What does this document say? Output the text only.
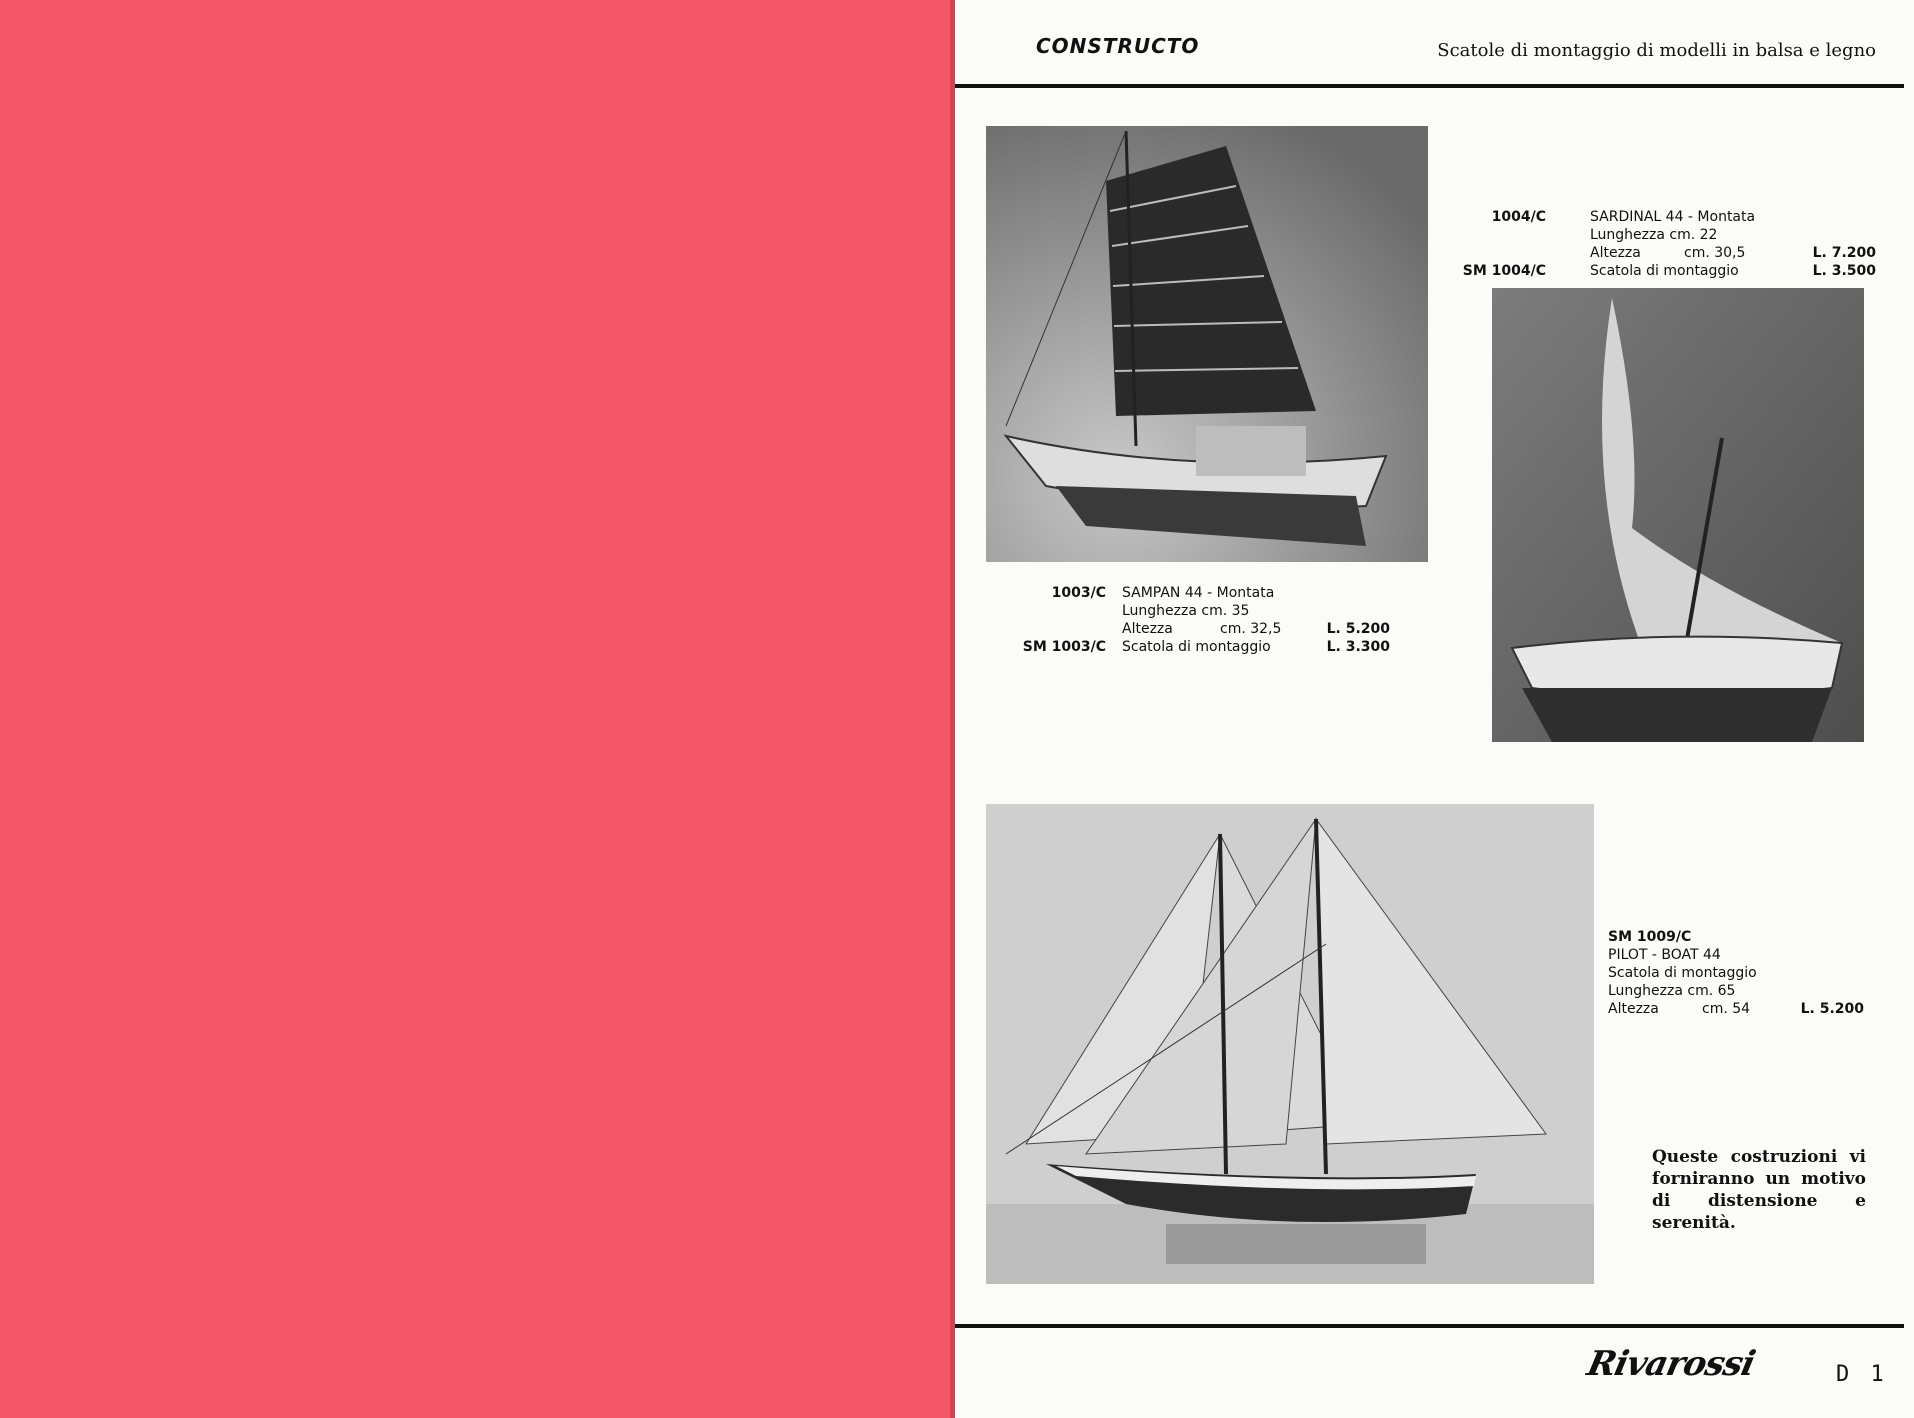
CONSTRUCTO	Scatole di montaggio di modelli in balsa e legno
1003/C SAMPAN 44 - Montata
Lunghezza cm. 35
Altezza	cm. 32,5	L. 5.200
SM 1003/C Scatola di montaggio	L. 3.300
1004/C	SARDINAL 44 - Montata
Lunghezza cm. 22
Altezza	cm. 30,5	L. 7.200
SM 1004/C	Scatola di montaggio	L. 3.500
SM 1009/C
PILOT - BOAT 44
Scatola di montaggio
Lunghezza cm. 65
Altezza	cm. 54	L. 5.200
Queste costruzioni vi forniranno un motivo di distensione e serenità.
Rivarossi	D 1
